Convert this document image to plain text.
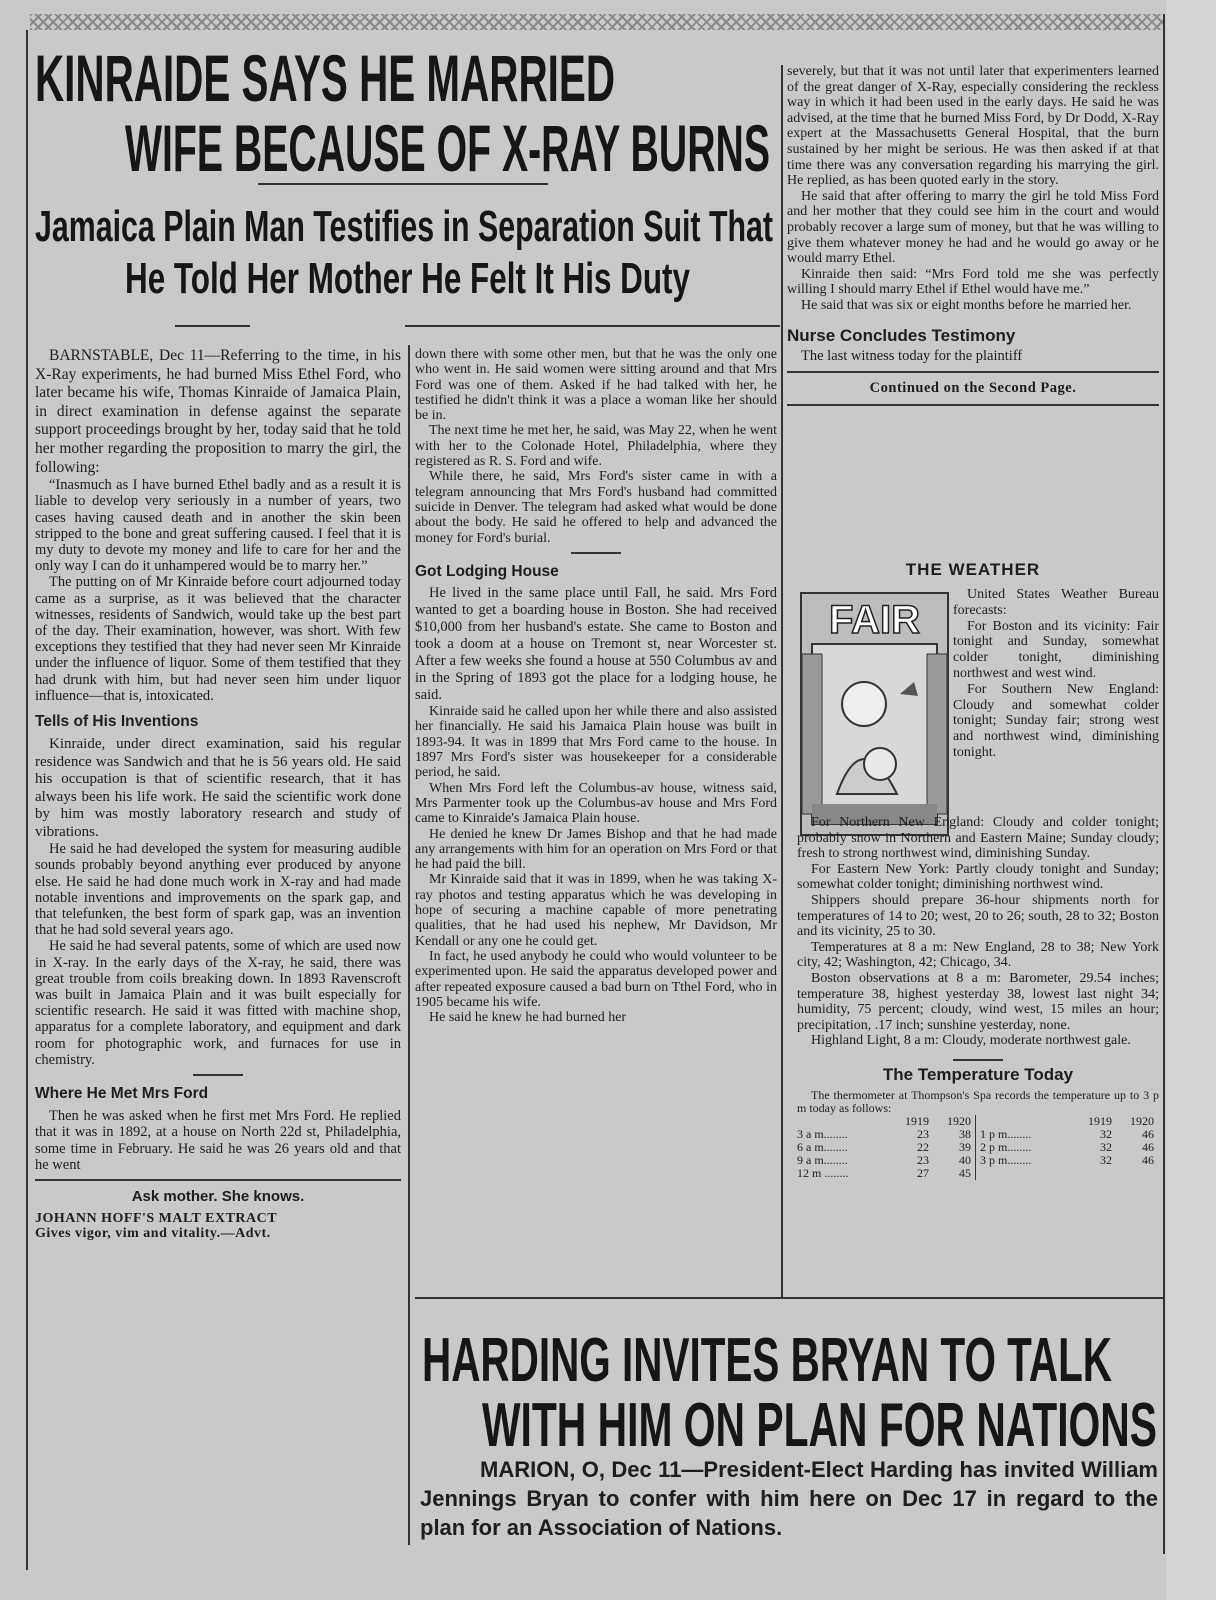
KINRAIDE SAYS HE MARRIED
WIFE BECAUSE OF X-RAY BURNS
Jamaica Plain Man Testifies in Separation Suit That
He Told Her Mother He Felt It His Duty

BARNSTABLE, Dec 11—Referring to the time, in his X-Ray experiments, he had burned Miss Ethel Ford, who later became his wife, Thomas Kinraide of Jamaica Plain, in direct examination in defense against the separate support proceedings brought by her, today said that he told her mother regarding the proposition to marry the girl, the following:

“Inasmuch as I have burned Ethel badly and as a result it is liable to develop very seriously in a number of years, two cases having caused death and in another the skin been stripped to the bone and great suffering caused. I feel that it is my duty to devote my money and life to care for her and the only way I can do it unhampered would be to marry her.”

The putting on of Mr Kinraide before court adjourned today came as a surprise, as it was believed that the character witnesses, residents of Sandwich, would take up the best part of the day. Their examination, however, was short. With few exceptions they testified that they had never seen Mr Kinraide under the influence of liquor. Some of them testified that they had drunk with him, but had never seen him under liquor influence—that is, intoxicated.

Tells of His Inventions

Kinraide, under direct examination, said his regular residence was Sandwich and that he is 56 years old. He said his occupation is that of scientific research, that it has always been his life work. He said the scientific work done by him was mostly laboratory research and study of vibrations.

He said he had developed the system for measuring audible sounds probably beyond anything ever produced by anyone else. He said he had done much work in X-ray and had made notable inventions and improvements on the spark gap, and that telefunken, the best form of spark gap, was an invention that he had sold several years ago.

He said he had several patents, some of which are used now in X-ray. In the early days of the X-ray, he said, there was great trouble from coils breaking down. In 1893 Ravenscroft was built in Jamaica Plain and it was built especially for scientific research. He said it was fitted with machine shop, apparatus for a complete laboratory, and equipment and dark room for photographic work, and furnaces for use in chemistry.

Where He Met Mrs Ford

Then he was asked when he first met Mrs Ford. He replied that it was in 1892, at a house on North 22d st, Philadelphia, some time in February. He said he was 26 years old and that he went

Ask mother. She knows.
JOHANN HOFF'S MALT EXTRACT
Gives vigor, vim and vitality.—Advt.

down there with some other men, but that he was the only one who went in. He said women were sitting around and that Mrs Ford was one of them. Asked if he had talked with her, he testified he didn't think it was a place a woman like her should be in.

The next time he met her, he said, was May 22, when he went with her to the Colonade Hotel, Philadelphia, where they registered as R. S. Ford and wife.

While there, he said, Mrs Ford's sister came in with a telegram announcing that Mrs Ford's husband had committed suicide in Denver. The telegram had asked what would be done about the body. He said he offered to help and advanced the money for Ford's burial.

Got Lodging House

He lived in the same place until Fall, he said. Mrs Ford wanted to get a boarding house in Boston. She had received $10,000 from her husband's estate. She came to Boston and took a doom at a house on Tremont st, near Worcester st. After a few weeks she found a house at 550 Columbus av and in the Spring of 1893 got the place for a lodging house, he said.

Kinraide said he called upon her while there and also assisted her financially. He said his Jamaica Plain house was built in 1893-94. It was in 1899 that Mrs Ford came to the house. In 1897 Mrs Ford's sister was housekeeper for a considerable period, he said.

When Mrs Ford left the Columbus-av house, witness said, Mrs Parmenter took up the Columbus-av house and Mrs Ford came to Kinraide's Jamaica Plain house.

He denied he knew Dr James Bishop and that he had made any arrangements with him for an operation on Mrs Ford or that he had paid the bill.

Mr Kinraide said that it was in 1899, when he was taking X-ray photos and testing apparatus which he was developing in hope of securing a machine capable of more penetrating qualities, that he had used his nephew, Mr Davidson, Mr Kendall or any one he could get.

In fact, he used anybody he could who would volunteer to be experimented upon. He said the apparatus developed power and after repeated exposure caused a bad burn on Tthel Ford, who in 1905 became his wife.

He said he knew he had burned her

severely, but that it was not until later that experimenters learned of the great danger of X-Ray, especially considering the reckless way in which it had been used in the early days. He said he was advised, at the time that he burned Miss Ford, by Dr Dodd, X-Ray expert at the Massachusetts General Hospital, that the burn sustained by her might be serious. He was then asked if at that time there was any conversation regarding his marrying the girl. He replied, as has been quoted early in the story.

He said that after offering to marry the girl he told Miss Ford and her mother that they could see him in the court and would probably recover a large sum of money, but that he was willing to give them whatever money he had and he would go away or he would marry Ethel.

Kinraide then said: “Mrs Ford told me she was perfectly willing I should marry Ethel if Ethel would have me.”

He said that was six or eight months before he married her.

Nurse Concludes Testimony

The last witness today for the plaintiff

Continued on the Second Page.
THE WEATHER
FAIR

United States Weather Bureau forecasts:

For Boston and its vicinity: Fair tonight and Sunday, somewhat colder tonight, diminishing northwest and west wind.

For Southern New England: Cloudy and somewhat colder tonight; Sunday fair; strong west and northwest wind, diminishing tonight.

For Northern New England: Cloudy and colder tonight; probably snow in Northern and Eastern Maine; Sunday cloudy; fresh to strong northwest wind, diminishing Sunday.

For Eastern New York: Partly cloudy tonight and Sunday; somewhat colder tonight; diminishing northwest wind.

Shippers should prepare 36-hour shipments north for temperatures of 14 to 20; west, 20 to 26; south, 28 to 32; Boston and its vicinity, 25 to 30.

Temperatures at 8 a m: New England, 28 to 38; New York city, 42; Washington, 42; Chicago, 34.

Boston observations at 8 a m: Barometer, 29.54 inches; temperature 38, highest yesterday 38, lowest last night 34; humidity, 75 percent; cloudy, wind west, 15 miles an hour; precipitation, .17 inch; sunshine yesterday, none.

Highland Light, 8 a m: Cloudy, moderate northwest gale.

The Temperature Today

The thermometer at Thompson's Spa records the temperature up to 3 p m today as follows:

1919	1920	1919	1920
3 a m........	23	38 1 p m........	32	46
6 a m........	22	39 2 p m........	32	46
9 a m........	23	40 3 p m........	32	46
12 m ........	27	45
HARDING INVITES BRYAN TO TALK
WITH HIM ON PLAN FOR NATIONS
MARION, O, Dec 11—President-Elect Harding has invited William Jennings Bryan to confer with him here on Dec 17 in regard to the plan for an Association of Nations.
